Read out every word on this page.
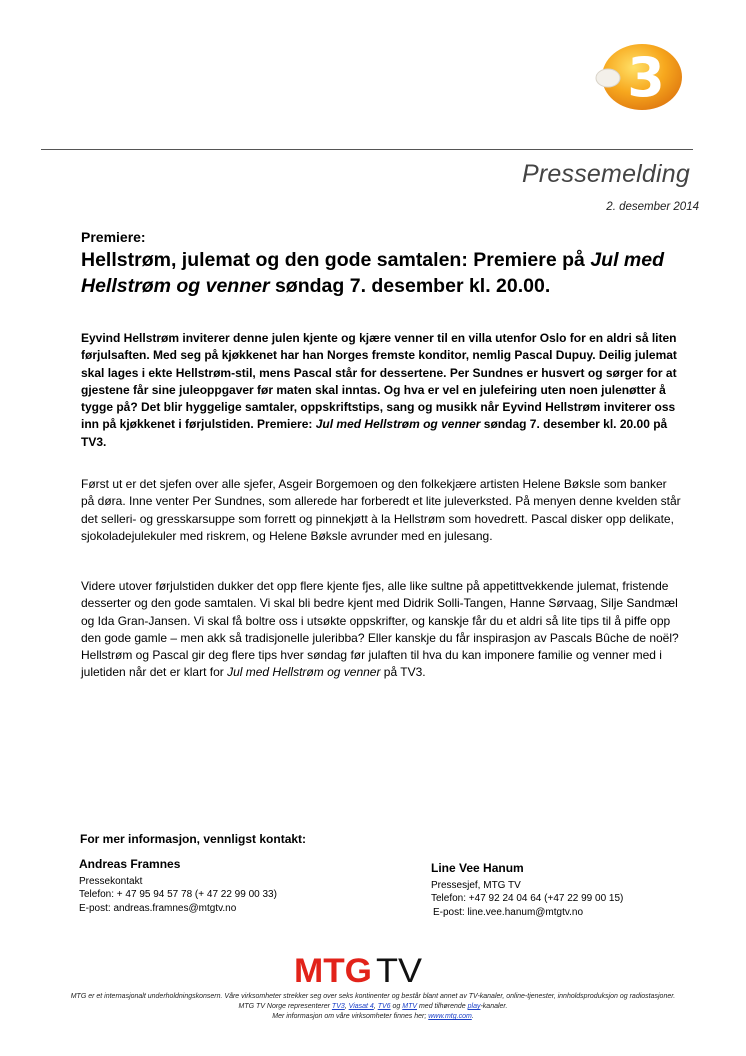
3
Pressemelding
2. desember 2014
Premiere:
Hellstrøm, julemat og den gode samtalen: Premiere på Jul med Hellstrøm og venner søndag 7. desember kl. 20.00.

Eyvind Hellstrøm inviterer denne julen kjente og kjære venner til en villa utenfor Oslo for en aldri så liten førjulsaften. Med seg på kjøkkenet har han Norges fremste konditor, nemlig Pascal Dupuy. Deilig julemat skal lages i ekte Hellstrøm-stil, mens Pascal står for dessertene. Per Sundnes er husvert og sørger for at gjestene får sine juleoppgaver før maten skal inntas. Og hva er vel en julefeiring uten noen julenøtter å tygge på? Det blir hyggelige samtaler, oppskriftstips, sang og musikk når Eyvind Hellstrøm inviterer oss inn på kjøkkenet i førjulstiden. Premiere: Jul med Hellstrøm og venner søndag 7. desember kl. 20.00 på TV3.

Først ut er det sjefen over alle sjefer, Asgeir Borgemoen og den folkekjære artisten Helene Bøksle som banker på døra. Inne venter Per Sundnes, som allerede har forberedt et lite juleverksted. På menyen denne kvelden står det selleri- og gresskarsuppe som forrett og pinnekjøtt à la Hellstrøm som hovedrett. Pascal disker opp delikate, sjokoladejulekuler med riskrem, og Helene Bøksle avrunder med en julesang.

Videre utover førjulstiden dukker det opp flere kjente fjes, alle like sultne på appetittvekkende julemat, fristende desserter og den gode samtalen. Vi skal bli bedre kjent med Didrik Solli-Tangen, Hanne Sørvaag, Silje Sandmæl og Ida Gran-Jansen. Vi skal få boltre oss i utsøkte oppskrifter, og kanskje får du et aldri så lite tips til å piffe opp den gode gamle – men akk så tradisjonelle juleribba? Eller kanskje du får inspirasjon av Pascals Bûche de noël? Hellstrøm og Pascal gir deg flere tips hver søndag før julaften til hva du kan imponere familie og venner med i juletiden når det er klart for Jul med Hellstrøm og venner på TV3.

For mer informasjon, vennligst kontakt:
Andreas Framnes
Pressekontakt
Telefon: + 47 95 94 57 78 (+ 47 22 99 00 33)
E-post: andreas.framnes@mtgtv.no
Line Vee Hanum
Pressesjef, MTG TV
Telefon: +47 92 24 04 64 (+47 22 99 00 15)
E-post: line.vee.hanum@mtgtv.no
MTG TV
MTG er et internasjonalt underholdningskonsern. Våre virksomheter strekker seg over seks kontinenter og består blant annet av TV-kanaler, online-tjenester, innholdsproduksjon og radiostasjoner.
MTG TV Norge representerer TV3, Viasat 4, TV6 og MTV med tilhørende play-kanaler.
Mer informasjon om våre virksomheter finnes her; www.mtg.com.
